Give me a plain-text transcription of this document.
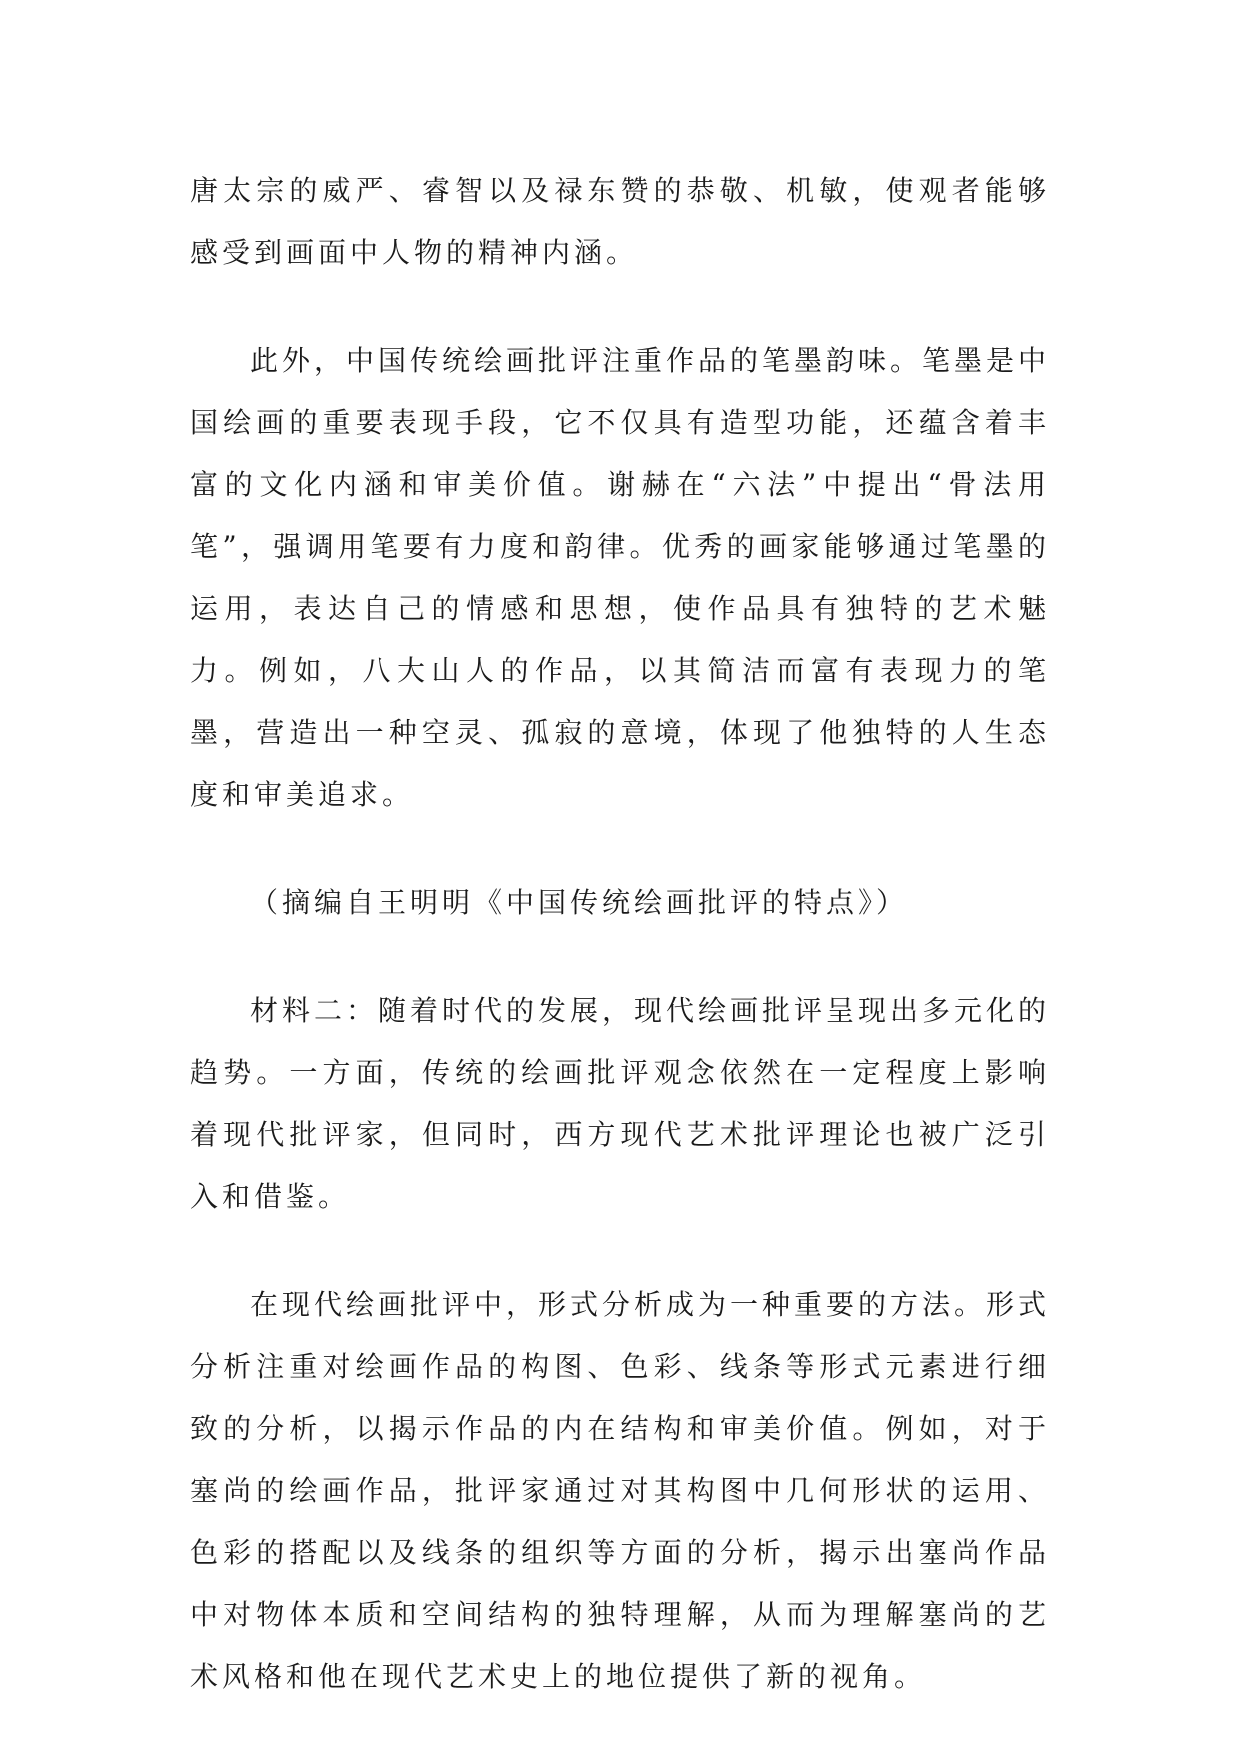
唐太宗的威严、睿智以及禄东赞的恭敬、机敏，使观者能够感受到画面中人物的精神内涵。

此外，中国传统绘画批评注重作品的笔墨韵味。笔墨是中国绘画的重要表现手段，它不仅具有造型功能，还蕴含着丰富的文化内涵和审美价值。谢赫在“六法”中提出“骨法用笔”，强调用笔要有力度和韵律。优秀的画家能够通过笔墨的运用，表达自己的情感和思想，使作品具有独特的艺术魅力。例如，八大山人的作品，以其简洁而富有表现力的笔墨，营造出一种空灵、孤寂的意境，体现了他独特的人生态度和审美追求。

（摘编自王明明《中国传统绘画批评的特点》）

材料二：随着时代的发展，现代绘画批评呈现出多元化的趋势。一方面，传统的绘画批评观念依然在一定程度上影响着现代批评家，但同时，西方现代艺术批评理论也被广泛引入和借鉴。

在现代绘画批评中，形式分析成为一种重要的方法。形式分析注重对绘画作品的构图、色彩、线条等形式元素进行细致的分析，以揭示作品的内在结构和审美价值。例如，对于塞尚的绘画作品，批评家通过对其构图中几何形状的运用、色彩的搭配以及线条的组织等方面的分析，揭示出塞尚作品中对物体本质和空间结构的独特理解，从而为理解塞尚的艺术风格和他在现代艺术史上的地位提供了新的视角。
